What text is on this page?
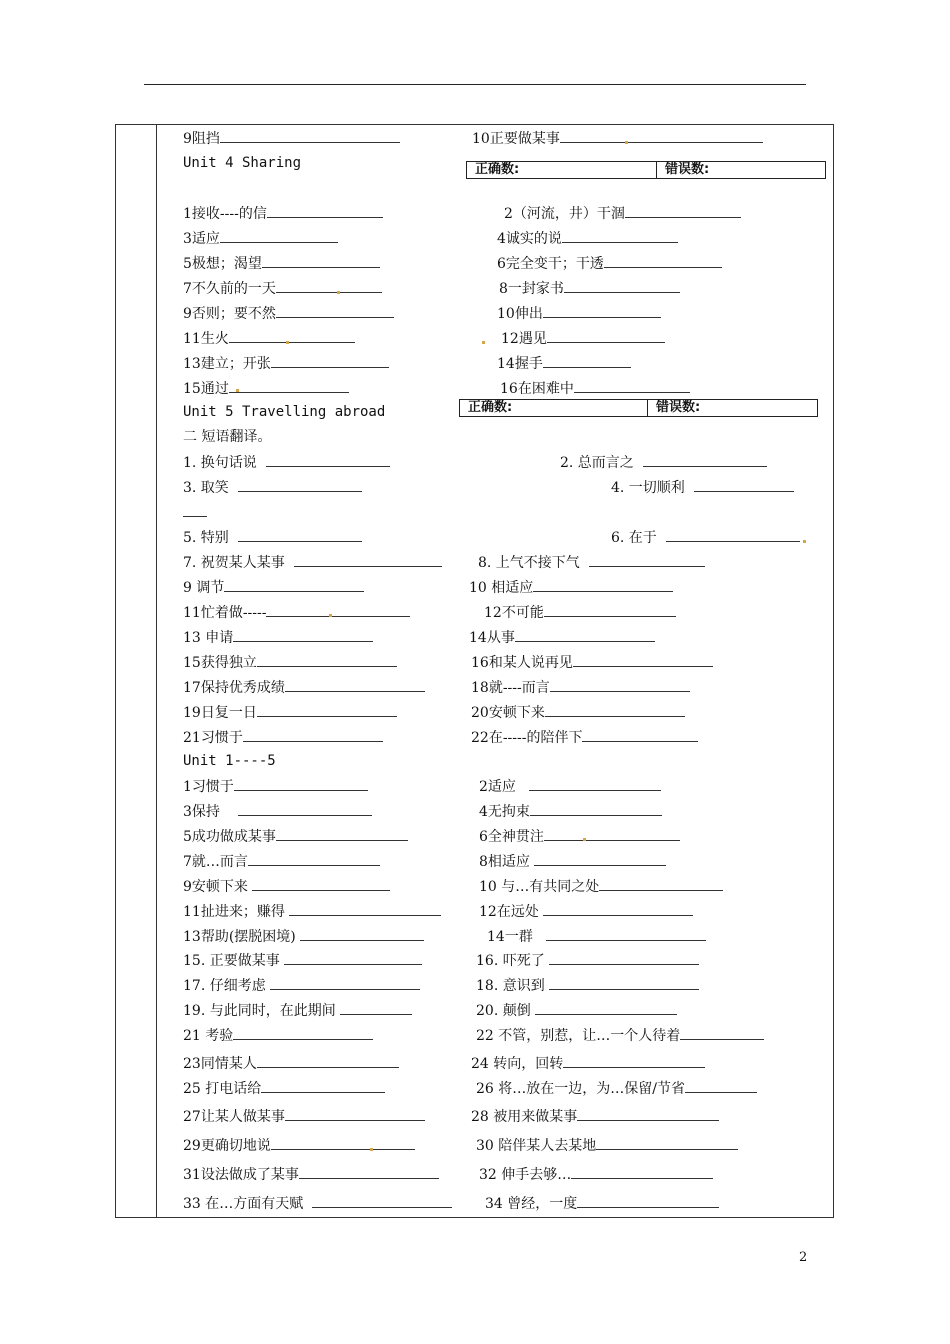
9阻挡	10正要做某事
Unit 4 Sharing	正确数:	错误数:
1接收----的信	2（河流，井）干涸
3适应	4诚实的说
5极想；渴望	6完全变干；干透
7不久前的一天	8一封家书
9否则；要不然	10伸出
11生火	12遇见
13建立；开张	14握手
15通过	16在困难中
Unit 5 Travelling abroad	正确数:	错误数:
二 短语翻译。
1. 换句话说	2. 总而言之
3. 取笑	4. 一切顺利
5. 特别	6. 在于
7. 祝贺某人某事	8. 上气不接下气
9 调节	10 相适应
11忙着做-----	12不可能
13 申请	14从事
15获得独立	16和某人说再见
17保持优秀成绩	18就----而言
19日复一日	20安顿下来
21习惯于	22在-----的陪伴下
Unit 1----5
1习惯于	2适应
3保持	4无拘束
5成功做成某事	6全神贯注
7就…而言	8相适应
9安顿下来	10 与…有共同之处
11扯进来；赚得	12在远处
13帮助(摆脱困境)	14一群
15. 正要做某事	16. 吓死了
17. 仔细考虑	18. 意识到
19. 与此同时，在此期间	20. 颠倒
21 考验	22 不管，别惹，让…一个人待着
23同情某人	24 转向，回转
25 打电话给	26 将…放在一边，为…保留/节省
27让某人做某事	28 被用来做某事
29更确切地说	30 陪伴某人去某地
31设法做成了某事	32 伸手去够…
33 在…方面有天赋	34 曾经，一度
2
